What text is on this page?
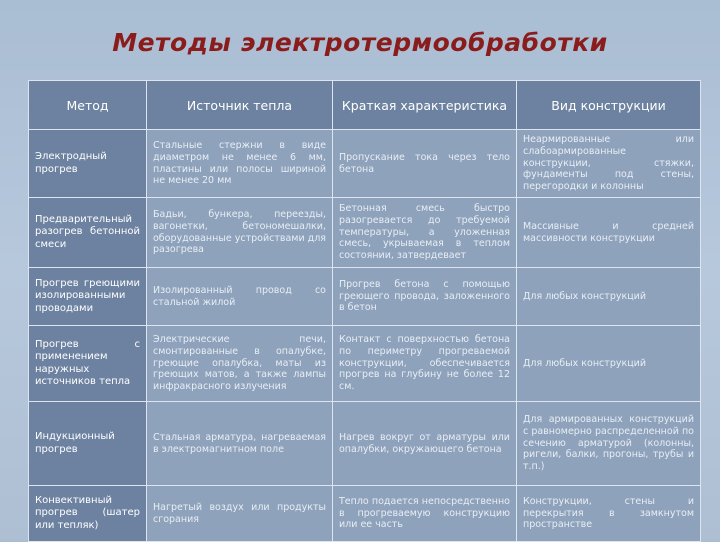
Методы электротермообработки
Метод	Источник тепла	Краткая характеристика	Вид конструкции
Электродный прогрев	Стальные стержни в виде диаметром не менее 6 мм, пластины или полосы шириной не менее 20 мм	Пропускание тока через тело бетона	Неармированные или слабоармированные конструкции, стяжки, фундаменты под стены, перегородки и колонны
Предварительный разогрев бетонной смеси	Бадьи, бункера, переезды, вагонетки, бетономешалки, оборудованные устройствами для разогрева	Бетонная смесь быстро разогревается до требуемой температуры, а уложенная смесь, укрываемая в теплом состоянии, затвердевает	Массивные и средней массивности конструкции
Прогрев греющими изолированными проводами	Изолированный провод со стальной жилой	Прогрев бетона с помощью греющего провода, заложенного в бетон	Для любых конструкций
Прогрев с применением наружных источников тепла	Электрические печи, смонтированные в опалубке, греющие опалубка, маты из греющих матов, а также лампы инфракрасного излучения	Контакт с поверхностью бетона по периметру прогреваемой конструкции, обеспечивается прогрев на глубину не более 12 см.	Для любых конструкций
Индукционный прогрев	Стальная арматура, нагреваемая в электромагнитном поле	Нагрев вокруг от арматуры или опалубки, окружающего бетона	Для армированных конструкций с равномерно распределенной по сечению арматурой (колонны, ригели, балки, прогоны, трубы и т.п.)
Конвективный прогрев (шатер или тепляк)	Нагретый воздух или продукты сгорания	Тепло подается непосредственно в прогреваемую конструкцию или ее часть	Конструкции, стены и перекрытия в замкнутом пространстве
